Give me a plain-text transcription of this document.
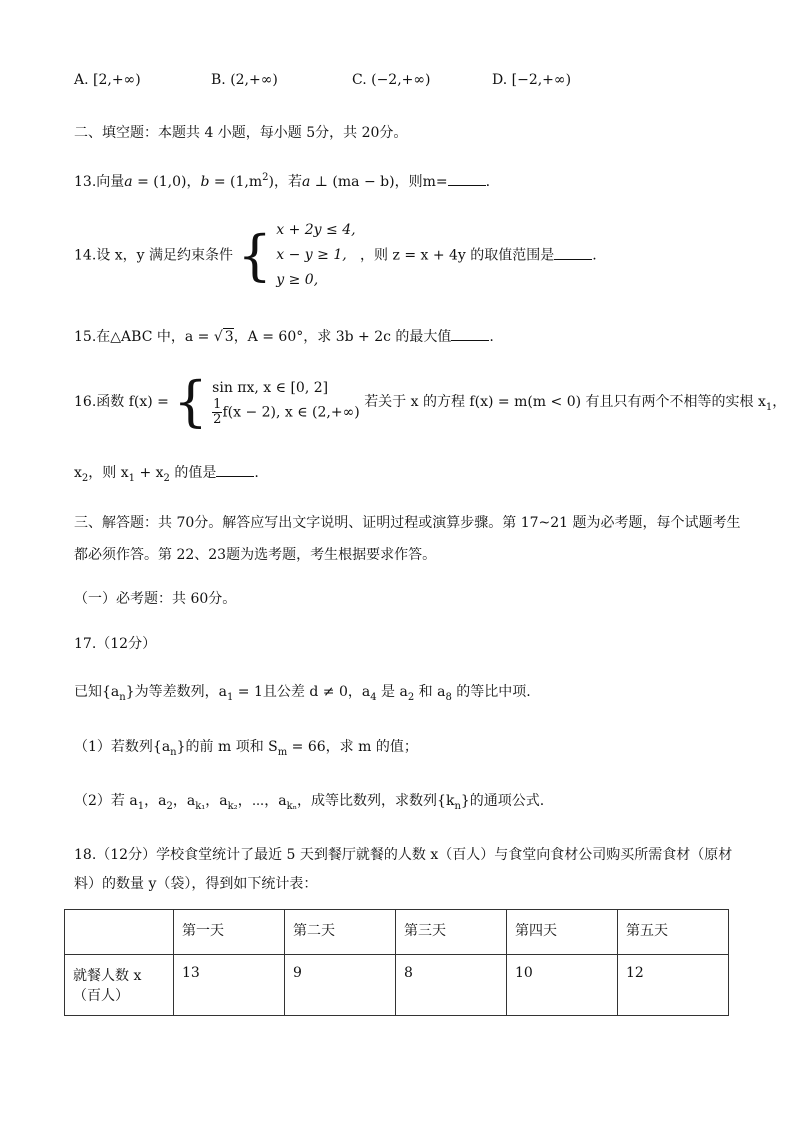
A. [2,+∞)	B. (2,+∞)	C. (−2,+∞)	D. [−2,+∞)
二、填空题：本题共 4 小题，每小题 5分，共 20分。
13.向量a = (1,0)，$b = (1,m^2)$，若a ⊥ (ma − b)，则m=	.
14.设 x，y 满足约束条件 { x + 2y ≤ 4,
x − y ≥ 1,
y ≥ 0, ，则 z = x + 4y 的取值范围是	.
15.在△ABC 中，a = √ 3，A = 60°，求 3b + 2c 的最大值	.
16.函数 f(x) = { sin πx, x ∈ [0, 2]

$\frac{1}{2} f(x - 2)$, x ∈ (2,+∞) 若关于 x 的方程 f(x) = m(m < 0) 有且只有两个不相等的实根 $x_1$，
$x_2$，则 $x_1 + x_2$ 的值是	.
三、解答题：共 70分。解答应写出文字说明、证明过程或演算步骤。第 17~21 题为必考题，每个试题考生
都必须作答。第 22、23题为选考题，考生根据要求作答。
（一）必考题：共 60分。
17.（12分）
已知$\{a_n\}$为等差数列，$a_1 = 1$且公差 d ≠ 0，$a_4$ 是 $a_2$ 和 $a_8$ 的等比中项.
（1）若数列$\{a_n\}$的前 m 项和 $S_m = 66$，求 m 的值；
（2）若 $a_1$，$a_2$，$a_{k_1}$，$a_{k_2}$，⋯，$a_{k_n}$，成等比数列，求数列$\{k_n\}$的通项公式.
18.（12分）学校食堂统计了最近 5 天到餐厅就餐的人数 x（百人）与食堂向食材公司购买所需食材（原材
料）的数量 y（袋），得到如下统计表：
	第一天	第二天	第三天	第四天	第五天
就餐人数 x（百人）	13	9	8	10	12
